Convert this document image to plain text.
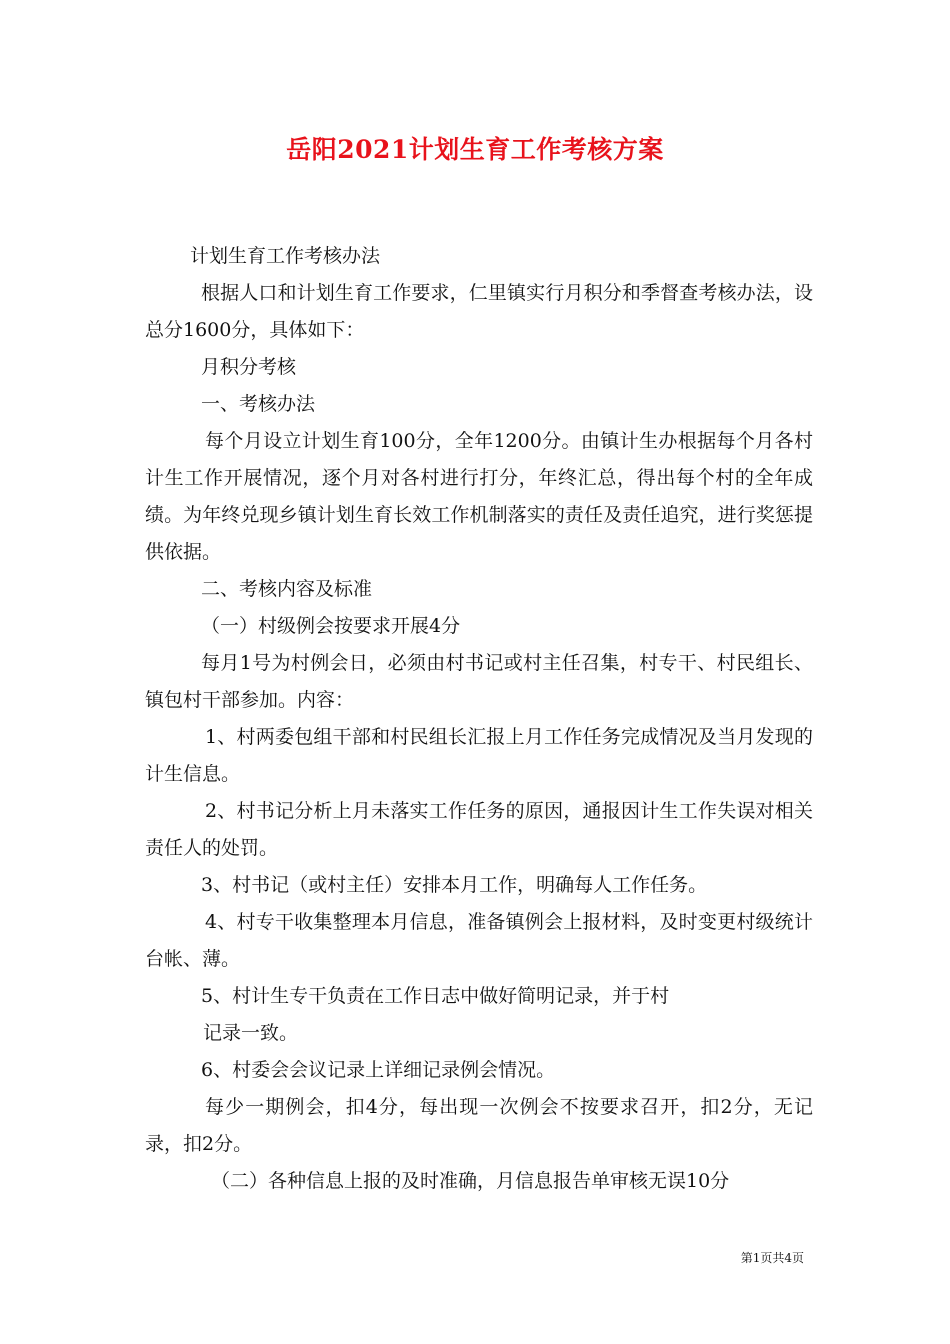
岳阳2021计划生育工作考核方案

计划生育工作考核办法

根据人口和计划生育工作要求，仁里镇实行月积分和季督查考核办法，设总分1600分，具体如下：

月积分考核

一、考核办法

每个月设立计划生育100分，全年1200分。由镇计生办根据每个月各村计生工作开展情况，逐个月对各村进行打分，年终汇总，得出每个村的全年成绩。为年终兑现乡镇计划生育长效工作机制落实的责任及责任追究，进行奖惩提供依据。

二、考核内容及标准

（一）村级例会按要求开展4分

每月1号为村例会日，必须由村书记或村主任召集，村专干、村民组长、镇包村干部参加。内容：

1、村两委包组干部和村民组长汇报上月工作任务完成情况及当月发现的计生信息。

2、村书记分析上月未落实工作任务的原因，通报因计生工作失误对相关责任人的处罚。

3、村书记（或村主任）安排本月工作，明确每人工作任务。

4、村专干收集整理本月信息，准备镇例会上报材料，及时变更村级统计台帐、薄。

5、村计生专干负责在工作日志中做好简明记录，并于村

记录一致。

6、村委会会议记录上详细记录例会情况。

每少一期例会，扣4分，每出现一次例会不按要求召开，扣2分，无记录，扣2分。

（二）各种信息上报的及时准确，月信息报告单审核无误10分

第1页共4页
